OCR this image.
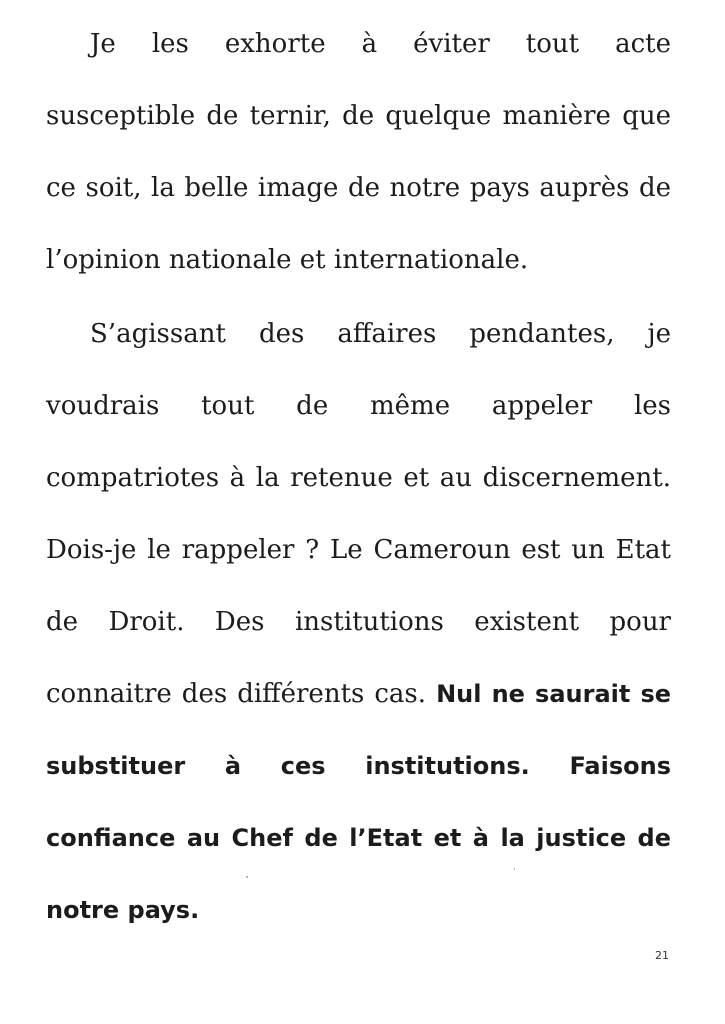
Je les exhorte à éviter tout acte
susceptible de ternir, de quelque manière que
ce soit, la belle image de notre pays auprès de
l’opinion nationale et internationale.
S’agissant des affaires pendantes, je
voudrais tout de même appeler les
compatriotes à la retenue et au discernement.
Dois-je le rappeler ? Le Cameroun est un Etat
de Droit. Des institutions existent pour
connaitre des différents cas. Nul ne saurait se
substituer à ces institutions. Faisons
confiance au Chef de l’Etat et à la justice de
notre pays.
21
